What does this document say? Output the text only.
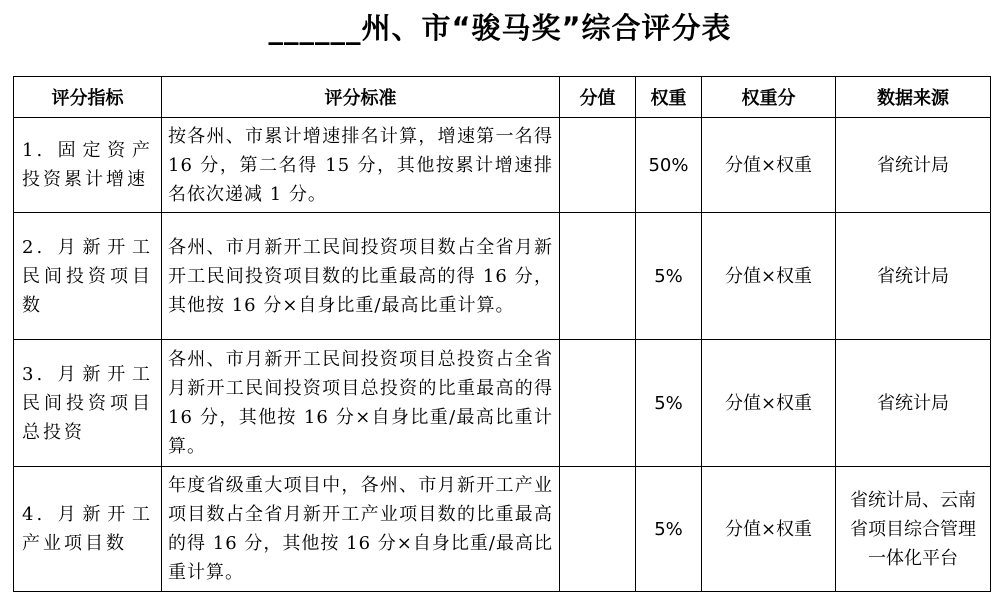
______州、市“骏马奖”综合评分表
评分指标	评分标准	分值	权重	权重分	数据来源
1. 固定资产投资累计增速	按各州、市累计增速排名计算，增速第一名得 16 分，第二名得 15 分，其他按累计增速排名依次递减 1 分。		50%	分值×权重	省统计局
2. 月新开工民间投资项目数	各州、市月新开工民间投资项目数占全省月新开工民间投资项目数的比重最高的得 16 分，其他按 16 分×自身比重/最高比重计算。		5%	分值×权重	省统计局
3. 月新开工民间投资项目总投资	各州、市月新开工民间投资项目总投资占全省月新开工民间投资项目总投资的比重最高的得 16 分，其他按 16 分×自身比重/最高比重计算。		5%	分值×权重	省统计局
4. 月新开工产业项目数	年度省级重大项目中，各州、市月新开工产业项目数占全省月新开工产业项目数的比重最高的得 16 分，其他按 16 分×自身比重/最高比重计算。		5%	分值×权重	省统计局、云南省项目综合管理一体化平台
